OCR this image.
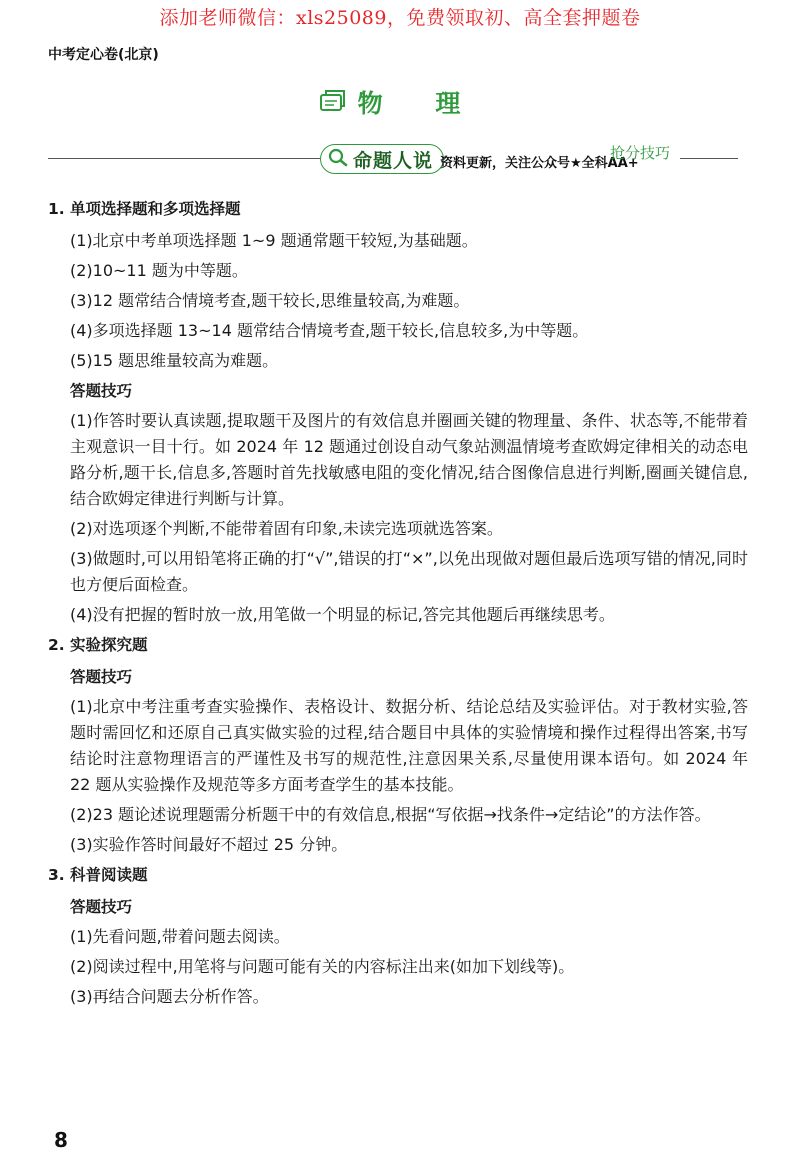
添加老师微信：xls25089，免费领取初、高全套押题卷
中考定心卷(北京)
物 理
命题人说 资料更新，关注公众号★全科AA+
抢分技巧
1. 单项选择题和多项选择题
(1)北京中考单项选择题 1~9 题通常题干较短,为基础题。
(2)10~11 题为中等题。
(3)12 题常结合情境考查,题干较长,思维量较高,为难题。
(4)多项选择题 13~14 题常结合情境考查,题干较长,信息较多,为中等题。
(5)15 题思维量较高为难题。
答题技巧
(1)作答时要认真读题,提取题干及图片的有效信息并圈画关键的物理量、条件、状态等,不能带着主观意识一目十行。如 2024 年 12 题通过创设自动气象站测温情境考查欧姆定律相关的动态电路分析,题干长,信息多,答题时首先找敏感电阻的变化情况,结合图像信息进行判断,圈画关键信息,结合欧姆定律进行判断与计算。
(2)对选项逐个判断,不能带着固有印象,未读完选项就选答案。
(3)做题时,可以用铅笔将正确的打“√”,错误的打“×”,以免出现做对题但最后选项写错的情况,同时也方便后面检查。
(4)没有把握的暂时放一放,用笔做一个明显的标记,答完其他题后再继续思考。
2. 实验探究题
答题技巧
(1)北京中考注重考查实验操作、表格设计、数据分析、结论总结及实验评估。对于教材实验,答题时需回忆和还原自己真实做实验的过程,结合题目中具体的实验情境和操作过程得出答案,书写结论时注意物理语言的严谨性及书写的规范性,注意因果关系,尽量使用课本语句。如 2024 年 22 题从实验操作及规范等多方面考查学生的基本技能。
(2)23 题论述说理题需分析题干中的有效信息,根据“写依据→找条件→定结论”的方法作答。
(3)实验作答时间最好不超过 25 分钟。
3. 科普阅读题
答题技巧
(1)先看问题,带着问题去阅读。
(2)阅读过程中,用笔将与问题可能有关的内容标注出来(如加下划线等)。
(3)再结合问题去分析作答。
8
